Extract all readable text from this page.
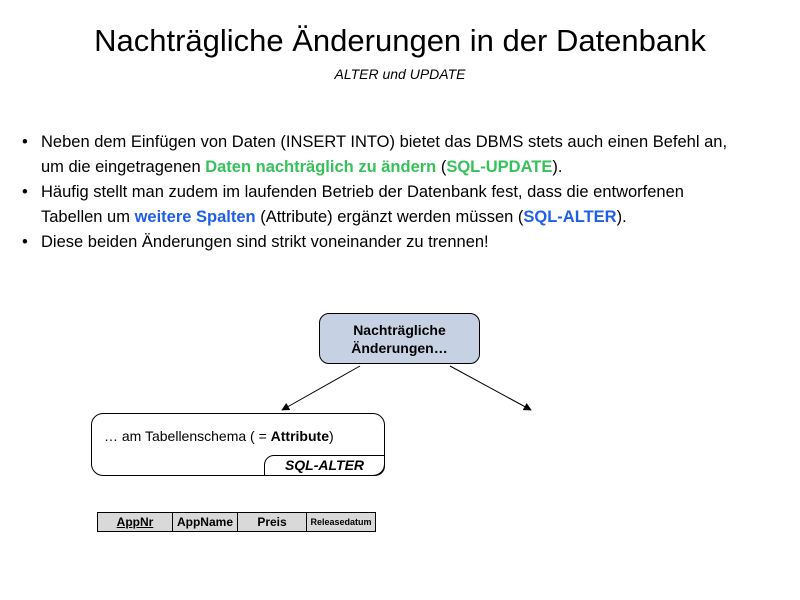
Nachträgliche Änderungen in der Datenbank
ALTER und UPDATE
• Neben dem Einfügen von Daten (INSERT INTO) bietet das DBMS stets auch einen Befehl an,
um die eingetragenen Daten nachträglich zu ändern (SQL-UPDATE).
• Häufig stellt man zudem im laufenden Betrieb der Datenbank fest, dass die entworfenen
Tabellen um weitere Spalten (Attribute) ergänzt werden müssen (SQL-ALTER).
• Diese beiden Änderungen sind strikt voneinander zu trennen!
Nachträgliche
Änderungen…
… am Tabellenschema ( = Attribute)
SQL-ALTER
AppNr	AppName	Preis	Releasedatum
